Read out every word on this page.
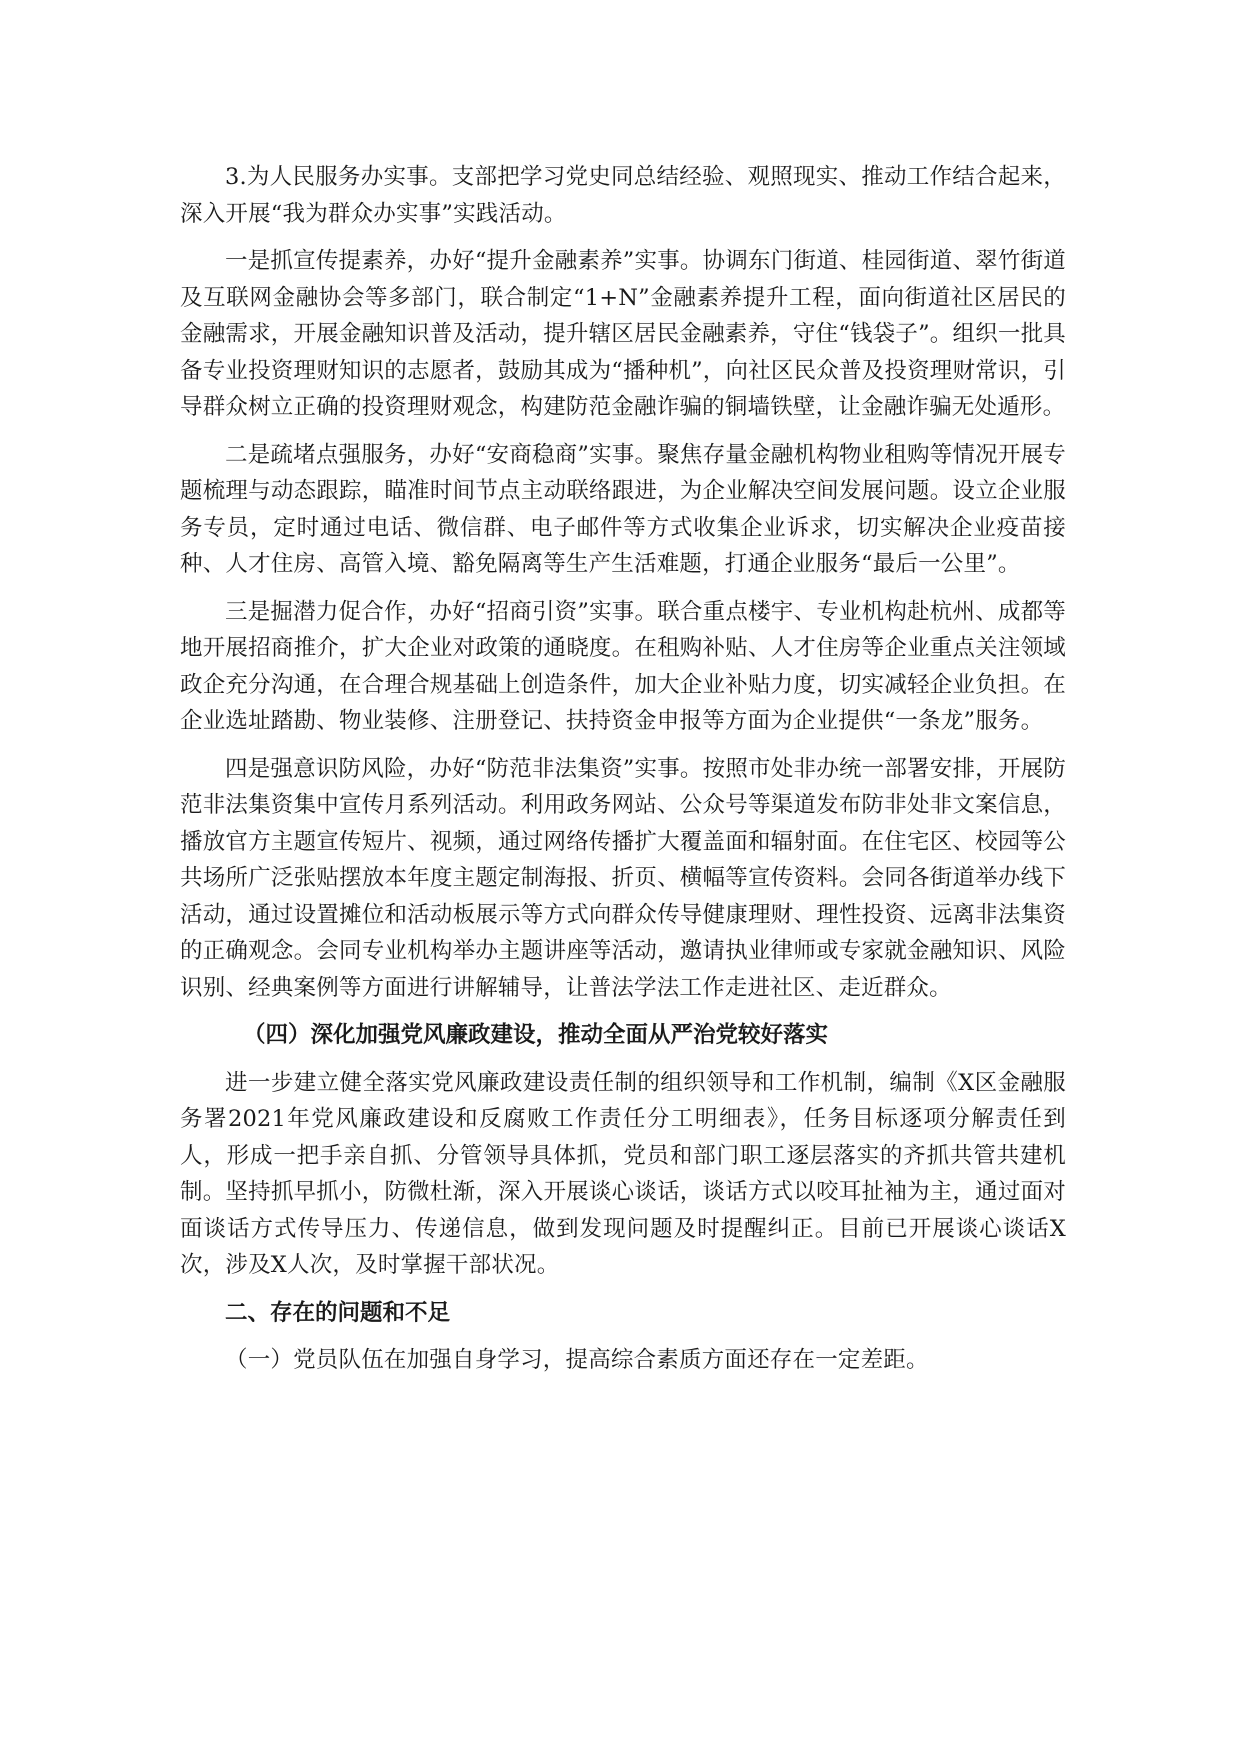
3.为人民服务办实事。支部把学习党史同总结经验、观照现实、推动工作结合起来，深入开展“我为群众办实事”实践活动。

一是抓宣传提素养，办好“提升金融素养”实事。协调东门街道、桂园街道、翠竹街道及互联网金融协会等多部门，联合制定“1+N”金融素养提升工程，面向街道社区居民的金融需求，开展金融知识普及活动，提升辖区居民金融素养，守住“钱袋子”。组织一批具备专业投资理财知识的志愿者，鼓励其成为“播种机”，向社区民众普及投资理财常识，引导群众树立正确的投资理财观念，构建防范金融诈骗的铜墙铁壁，让金融诈骗无处遁形。

二是疏堵点强服务，办好“安商稳商”实事。聚焦存量金融机构物业租购等情况开展专题梳理与动态跟踪，瞄准时间节点主动联络跟进，为企业解决空间发展问题。设立企业服务专员，定时通过电话、微信群、电子邮件等方式收集企业诉求，切实解决企业疫苗接种、人才住房、高管入境、豁免隔离等生产生活难题，打通企业服务“最后一公里”。

三是掘潜力促合作，办好“招商引资”实事。联合重点楼宇、专业机构赴杭州、成都等地开展招商推介，扩大企业对政策的通晓度。在租购补贴、人才住房等企业重点关注领域政企充分沟通，在合理合规基础上创造条件，加大企业补贴力度，切实减轻企业负担。在企业选址踏勘、物业装修、注册登记、扶持资金申报等方面为企业提供“一条龙”服务。

四是强意识防风险，办好“防范非法集资”实事。按照市处非办统一部署安排，开展防范非法集资集中宣传月系列活动。利用政务网站、公众号等渠道发布防非处非文案信息，播放官方主题宣传短片、视频，通过网络传播扩大覆盖面和辐射面。在住宅区、校园等公共场所广泛张贴摆放本年度主题定制海报、折页、横幅等宣传资料。会同各街道举办线下活动，通过设置摊位和活动板展示等方式向群众传导健康理财、理性投资、远离非法集资的正确观念。会同专业机构举办主题讲座等活动，邀请执业律师或专家就金融知识、风险识别、经典案例等方面进行讲解辅导，让普法学法工作走进社区、走近群众。

（四）深化加强党风廉政建设，推动全面从严治党较好落实

进一步建立健全落实党风廉政建设责任制的组织领导和工作机制，编制《X区金融服务署2021年党风廉政建设和反腐败工作责任分工明细表》，任务目标逐项分解责任到人，形成一把手亲自抓、分管领导具体抓，党员和部门职工逐层落实的齐抓共管共建机制。坚持抓早抓小，防微杜渐，深入开展谈心谈话，谈话方式以咬耳扯袖为主，通过面对面谈话方式传导压力、传递信息，做到发现问题及时提醒纠正。目前已开展谈心谈话X次，涉及X人次，及时掌握干部状况。

二、存在的问题和不足

（一）党员队伍在加强自身学习，提高综合素质方面还存在一定差距。
